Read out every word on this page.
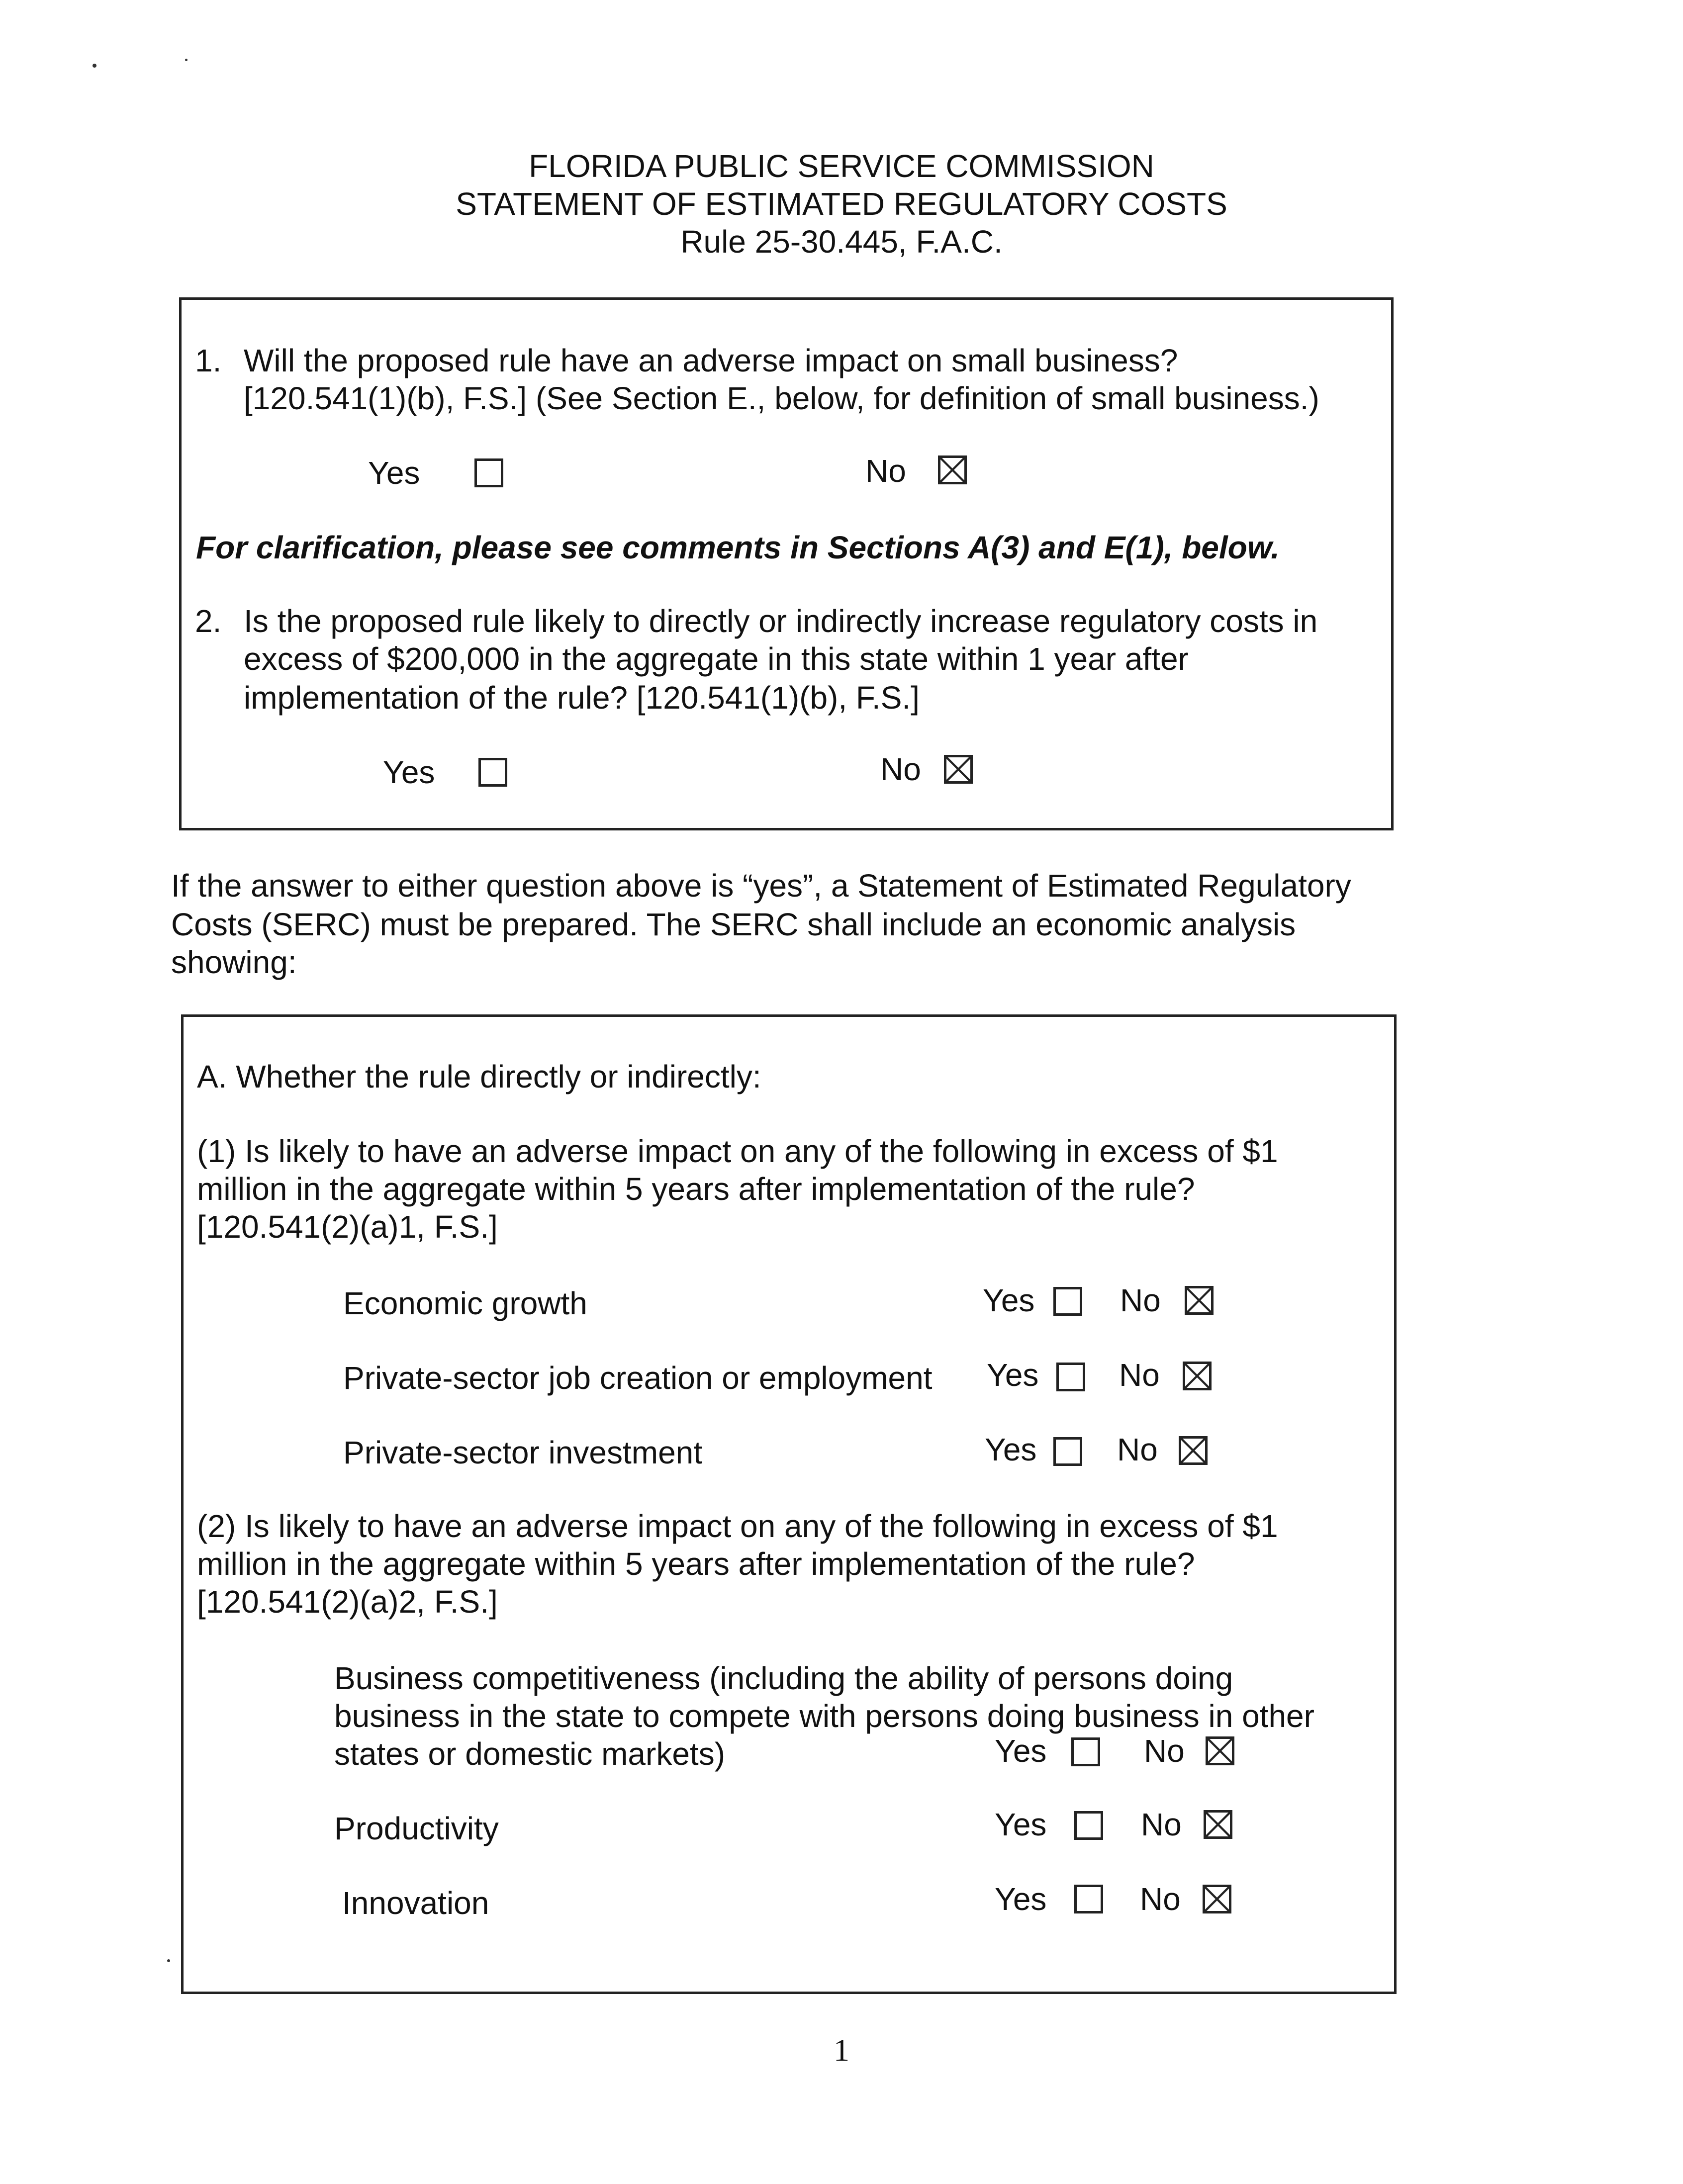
FLORIDA PUBLIC SERVICE COMMISSION
STATEMENT OF ESTIMATED REGULATORY COSTS
Rule 25-30.445, F.A.C.
1. Will the proposed rule have an adverse impact on small business?
[120.541(1)(b), F.S.] (See Section E., below, for definition of small business.)
Yes	No
For clarification, please see comments in Sections A(3) and E(1), below.
2. Is the proposed rule likely to directly or indirectly increase regulatory costs in
excess of $200,000 in the aggregate in this state within 1 year after
implementation of the rule? [120.541(1)(b), F.S.]
Yes	No
If the answer to either question above is “yes”, a Statement of Estimated Regulatory
Costs (SERC) must be prepared. The SERC shall include an economic analysis
showing:
A. Whether the rule directly or indirectly:
(1) Is likely to have an adverse impact on any of the following in excess of $1
million in the aggregate within 5 years after implementation of the rule?
[120.541(2)(a)1, F.S.]
Economic growth	Yes	No
Private-sector job creation or employment Yes	No
Private-sector investment	Yes	No
(2) Is likely to have an adverse impact on any of the following in excess of $1
million in the aggregate within 5 years after implementation of the rule?
[120.541(2)(a)2, F.S.]
Business competitiveness (including the ability of persons doing
business in the state to compete with persons doing business in other
states or domestic markets)	Yes	No
Productivity	Yes	No
Innovation	Yes	No
1
